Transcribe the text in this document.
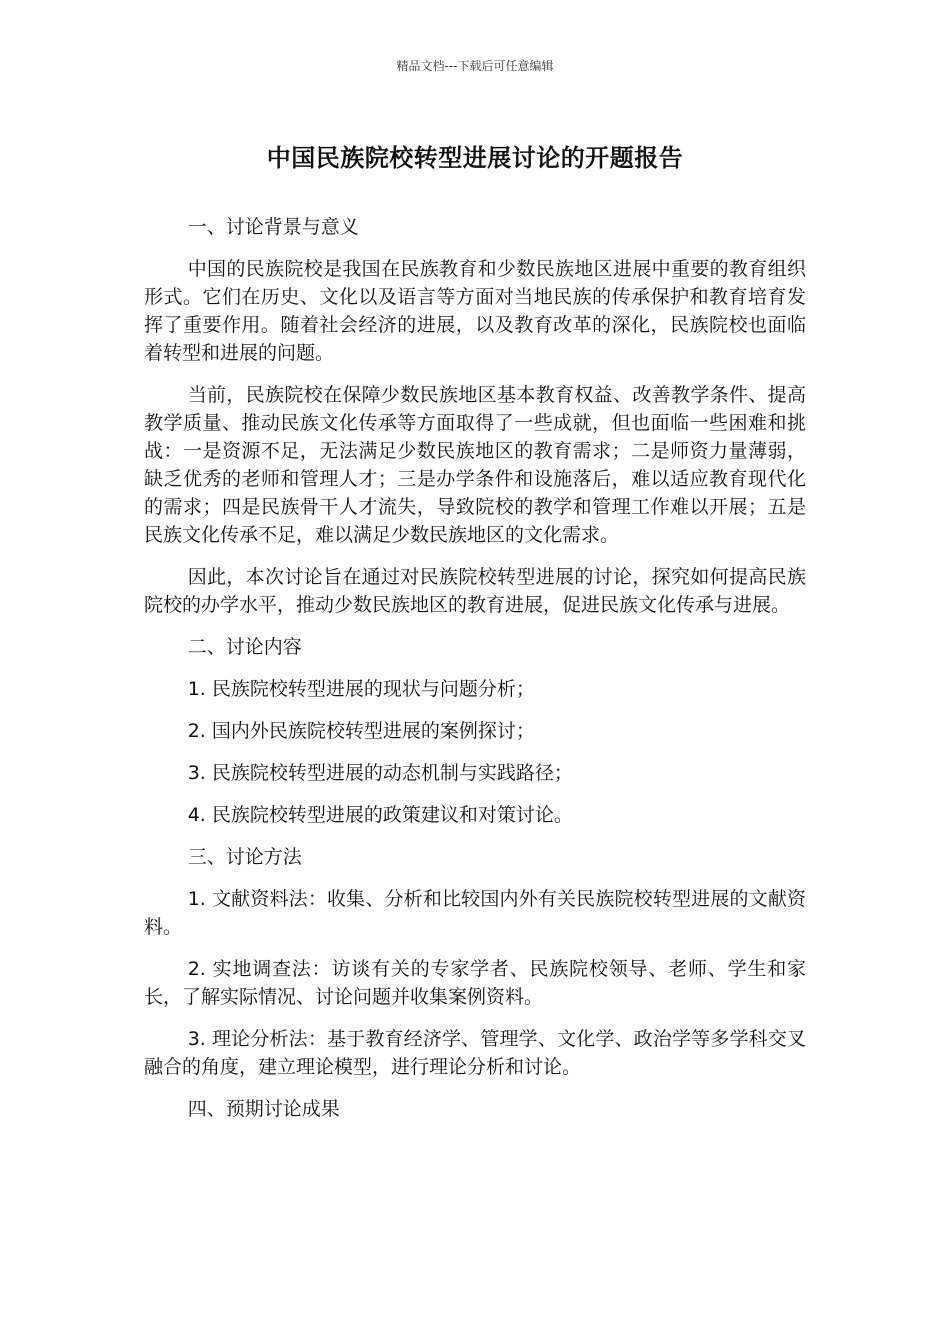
精品文档---下载后可任意编辑
中国民族院校转型进展讨论的开题报告

一、讨论背景与意义

中国的民族院校是我国在民族教育和少数民族地区进展中重要的教育组织形式。它们在历史、文化以及语言等方面对当地民族的传承保护和教育培育发挥了重要作用。随着社会经济的进展，以及教育改革的深化，民族院校也面临着转型和进展的问题。

当前，民族院校在保障少数民族地区基本教育权益、改善教学条件、提高教学质量、推动民族文化传承等方面取得了一些成就，但也面临一些困难和挑战：一是资源不足，无法满足少数民族地区的教育需求；二是师资力量薄弱，缺乏优秀的老师和管理人才；三是办学条件和设施落后，难以适应教育现代化的需求；四是民族骨干人才流失，导致院校的教学和管理工作难以开展；五是民族文化传承不足，难以满足少数民族地区的文化需求。

因此，本次讨论旨在通过对民族院校转型进展的讨论，探究如何提高民族院校的办学水平，推动少数民族地区的教育进展，促进民族文化传承与进展。

二、讨论内容

1. 民族院校转型进展的现状与问题分析；

2. 国内外民族院校转型进展的案例探讨；

3. 民族院校转型进展的动态机制与实践路径；

4. 民族院校转型进展的政策建议和对策讨论。

三、讨论方法

1. 文献资料法：收集、分析和比较国内外有关民族院校转型进展的文献资料。

2. 实地调查法：访谈有关的专家学者、民族院校领导、老师、学生和家长，了解实际情况、讨论问题并收集案例资料。

3. 理论分析法：基于教育经济学、管理学、文化学、政治学等多学科交叉融合的角度，建立理论模型，进行理论分析和讨论。

四、预期讨论成果
